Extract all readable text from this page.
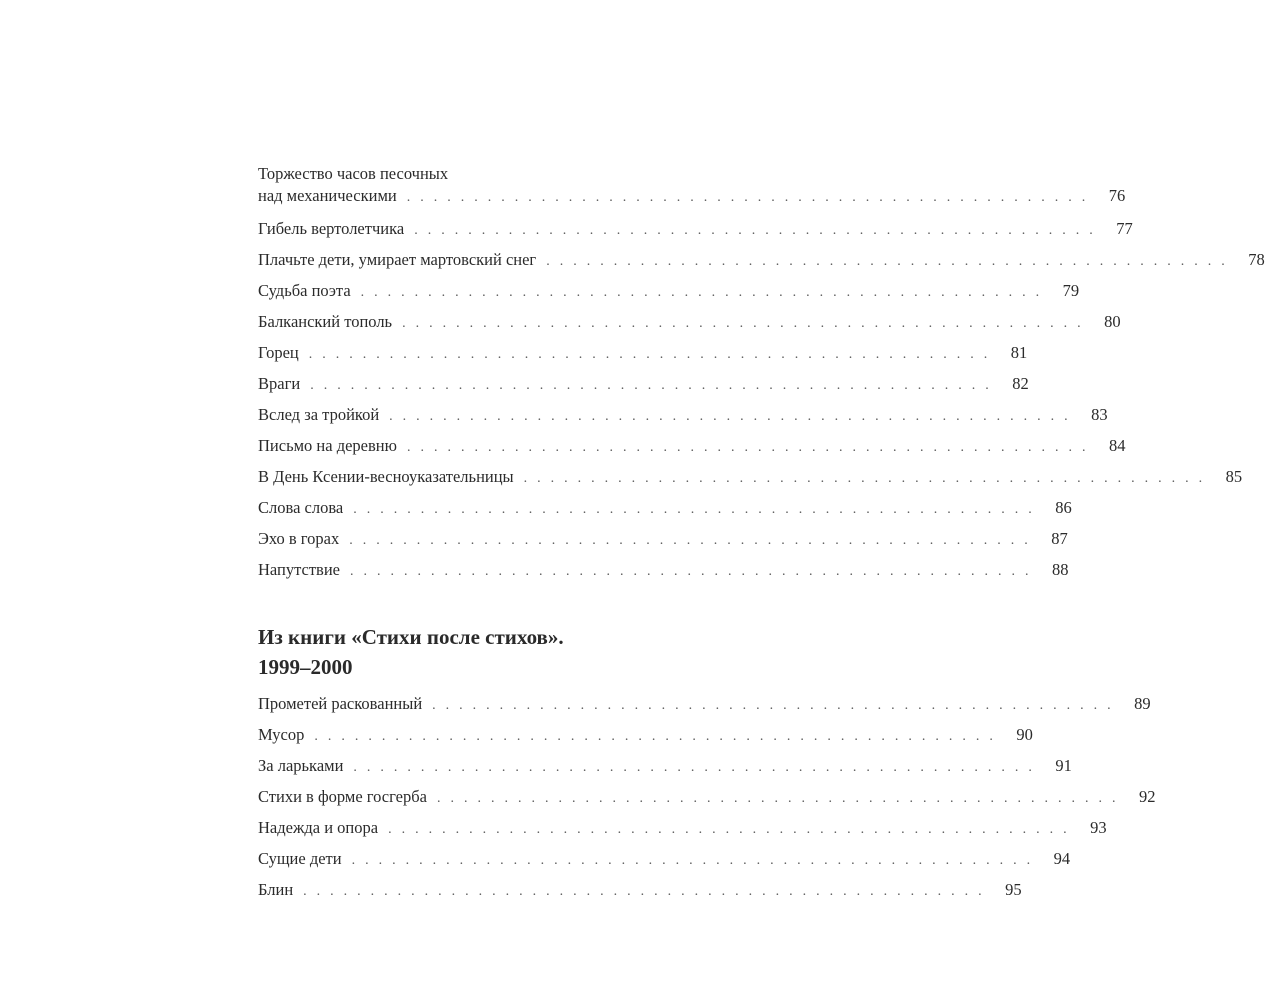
Торжество часов песочных
над механическими ................................................... 76
Гибель вертолетчика ................................................... 77
Плачьте дети, умирает мартовский снег ................................................... 78
Судьба поэта ................................................... 79
Балканский тополь ................................................... 80
Горец ................................................... 81
Враги ................................................... 82
Вслед за тройкой ................................................... 83
Письмо на деревню ................................................... 84
В День Ксении-весноуказательницы ................................................... 85
Слова слова ................................................... 86
Эхо в горах ................................................... 87
Напутствие ................................................... 88
Из книги «Стихи после стихов».
1999–2000
Прометей раскованный ................................................... 89
Мусор ................................................... 90
За ларьками ................................................... 91
Стихи в форме госгерба ................................................... 92
Надежда и опора ................................................... 93
Сущие дети ................................................... 94
Блин ................................................... 95
